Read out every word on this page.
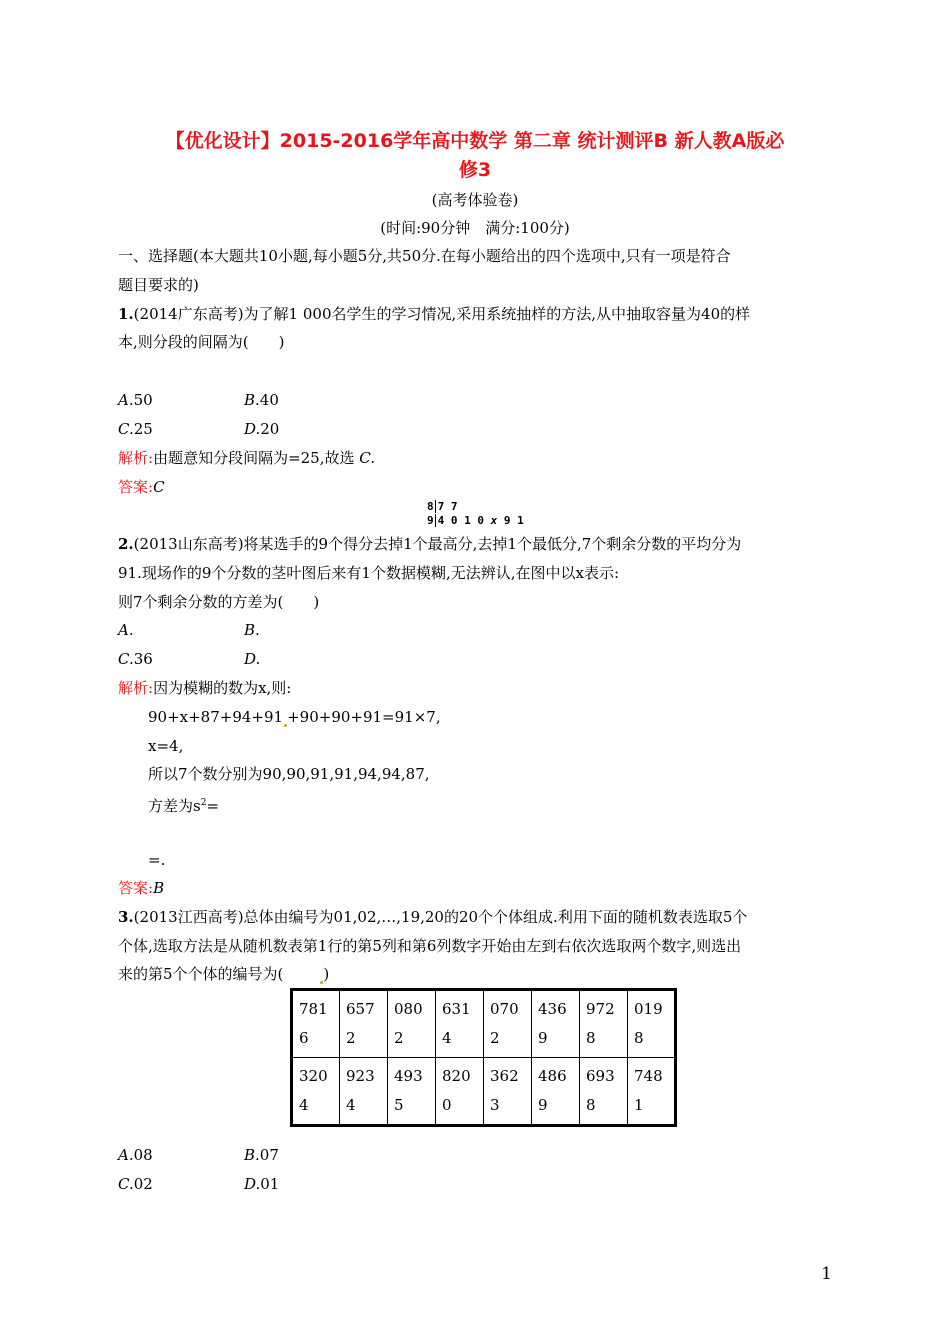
【优化设计】2015-2016学年高中数学 第二章 统计测评B 新人教A版必
修3
(高考体验卷)
(时间:90分钟　满分:100分)
一、选择题(本大题共10小题,每小题5分,共50分.在每小题给出的四个选项中,只有一项是符合
题目要求的)
1.(2014广东高考)为了解1 000名学生的学习情况,采用系统抽样的方法,从中抽取容量为40的样
本,则分段的间隔为(　　)
A.50	B.40
C.25	D.20
解析:由题意知分段间隔为=25,故选 C.
答案:C
8 7 7
9 4 0 1 0 x 9 1
2.(2013山东高考)将某选手的9个得分去掉1个最高分,去掉1个最低分,7个剩余分数的平均分为
91.现场作的9个分数的茎叶图后来有1个数据模糊,无法辨认,在图中以x表示:
则7个剩余分数的方差为(　　)
A.	B.
C.36	D.
解析:因为模糊的数为x,则:
90+x+87+94+91 +90+90+91=91×7,
x=4,
所以7个数分别为90,90,91,91,94,94,87,
方差为$s^2=$
=.
答案:B
3.(2013江西高考)总体由编号为01,02,…,19,20的20个个体组成.利用下面的随机数表选取5个
个体,选取方法是从随机数表第1行的第5列和第6列数字开始由左到右依次选取两个数字,则选出
来的第5个个体的编号为(	)
7816	6572	0802	6314	0702	4369	9728	0198
3204	9234	4935	8200	3623	4869	6938	7481
A.08	B.07
C.02	D.01
1
